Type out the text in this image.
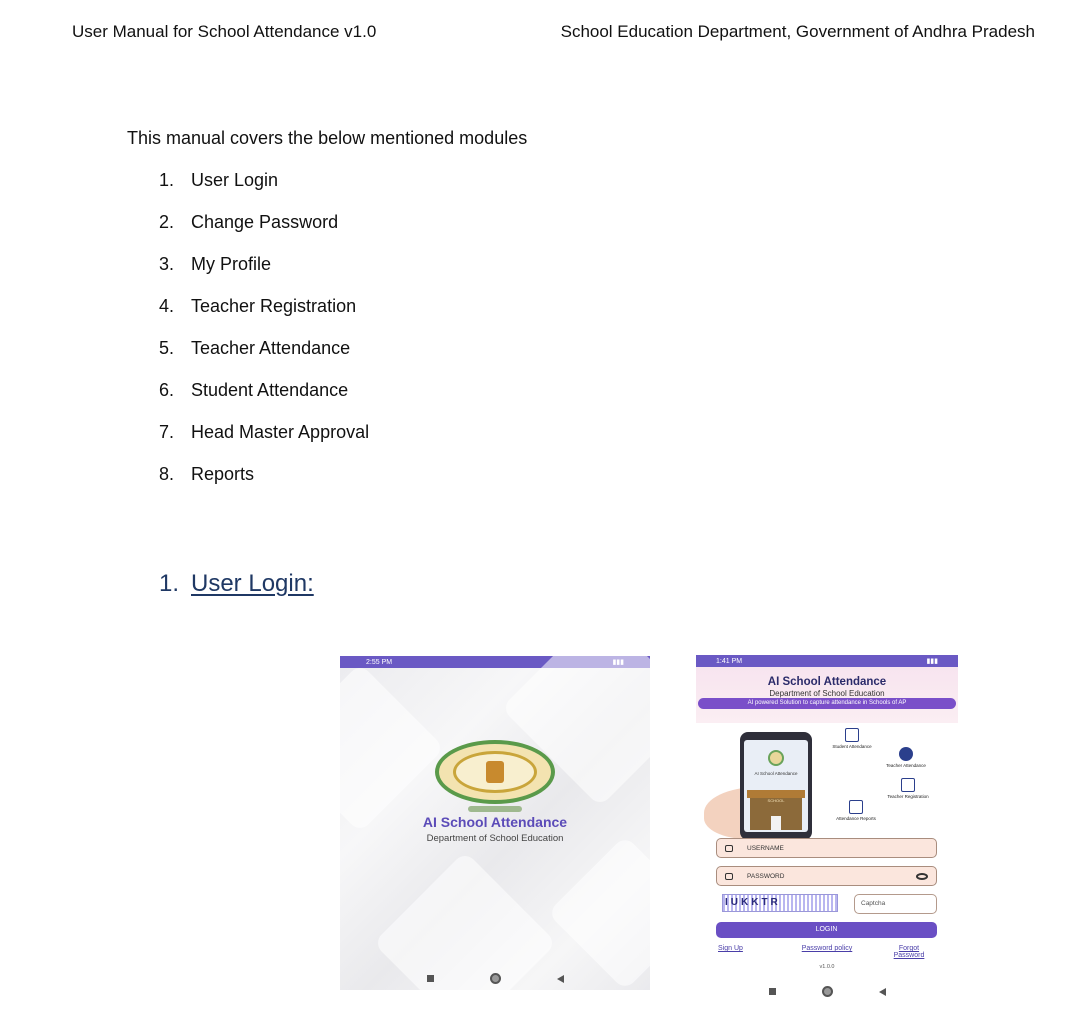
User Manual for School Attendance v1.0	School Education Department, Government of Andhra Pradesh
This manual covers the below mentioned modules
1. User Login
2. Change Password
3. My Profile
4. Teacher Registration
5. Teacher Attendance
6. Student Attendance
7. Head Master Approval
8. Reports
1. User Login:
2:55 PM
AI School Attendance
Department of School Education
1:41 PM	▮▮▮
AI School Attendance
Department of School Education
AI powered Solution to capture attendance in Schools of AP
AI School Attendance
SCHOOL
Student Attendance
Teacher Attendance
Teacher Registration
Attendance Reports
USERNAME
PASSWORD
IUKKTR	Captcha
LOGIN
Sign Up	Password policy	Forgot Password
v1.0.0
